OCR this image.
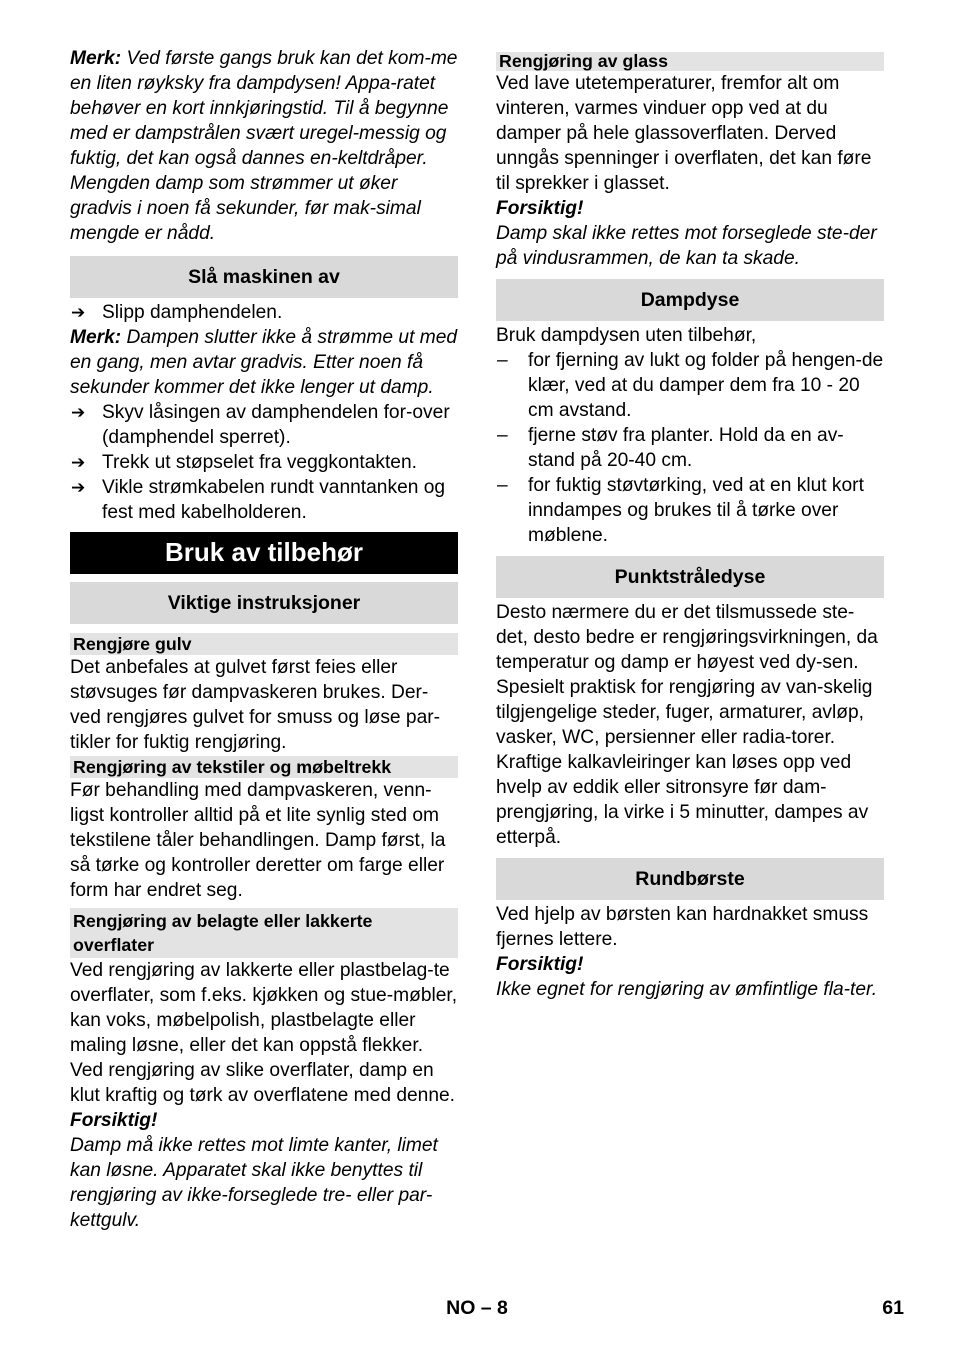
Merk: Ved første gangs bruk kan det kom-me en liten røyksky fra dampdysen! Appa-ratet behøver en kort innkjøringstid. Til å begynne med er dampstrålen svært uregel-messig og fuktig, det kan også dannes en-keltdråper. Mengden damp som strømmer ut øker gradvis i noen få sekunder, før mak-simal mengde er nådd.

Slå maskinen av
➔ Slipp damphendelen.

Merk: Dampen slutter ikke å strømme ut med en gang, men avtar gradvis. Etter noen få sekunder kommer det ikke lenger ut damp.

➔ Skyv låsingen av damphendelen for-over (damphendel sperret).
➔ Trekk ut støpselet fra veggkontakten.
➔ Vikle strømkabelen rundt vanntanken og fest med kabelholderen.
Bruk av tilbehør
Viktige instruksjoner
Rengjøre gulv

Det anbefales at gulvet først feies eller støvsuges før dampvaskeren brukes. Der-ved rengjøres gulvet for smuss og løse par-tikler for fuktig rengjøring.

Rengjøring av tekstiler og møbeltrekk

Før behandling med dampvaskeren, venn-ligst kontroller alltid på et lite synlig sted om tekstilene tåler behandlingen. Damp først, la så tørke og kontroller deretter om farge eller form har endret seg.

Rengjøring av belagte eller lakkerte overflater

Ved rengjøring av lakkerte eller plastbelag-te overflater, som f.eks. kjøkken og stue-møbler, kan voks, møbelpolish, plastbelagte eller maling løsne, eller det kan oppstå flekker. Ved rengjøring av slike overflater, damp en klut kraftig og tørk av overflatene med denne.

Forsiktig!

Damp må ikke rettes mot limte kanter, limet kan løsne. Apparatet skal ikke benyttes til rengjøring av ikke-forseglede tre- eller par-kettgulv.

Rengjøring av glass

Ved lave utetemperaturer, fremfor alt om vinteren, varmes vinduer opp ved at du damper på hele glassoverflaten. Derved unngås spenninger i overflaten, det kan føre til sprekker i glasset.

Forsiktig!

Damp skal ikke rettes mot forseglede ste-der på vindusrammen, de kan ta skade.

Dampdyse

Bruk dampdysen uten tilbehør,

– for fjerning av lukt og folder på hengen-de klær, ved at du damper dem fra 10 - 20 cm avstand.
– fjerne støv fra planter. Hold da en av-stand på 20-40 cm.
– for fuktig støvtørking, ved at en klut kort inndampes og brukes til å tørke over møblene.
Punktstråledyse

Desto nærmere du er det tilsmussede ste-det, desto bedre er rengjøringsvirkningen, da temperatur og damp er høyest ved dy-sen. Spesielt praktisk for rengjøring av van-skelig tilgjengelige steder, fuger, armaturer, avløp, vasker, WC, persienner eller radia-torer. Kraftige kalkavleiringer kan løses opp ved hvelp av eddik eller sitronsyre før dam-prengjøring, la virke i 5 minutter, dampes av etterpå.

Rundbørste

Ved hjelp av børsten kan hardnakket smuss fjernes lettere.

Forsiktig!

Ikke egnet for rengjøring av ømfintlige fla-ter.

NO – 8	61
